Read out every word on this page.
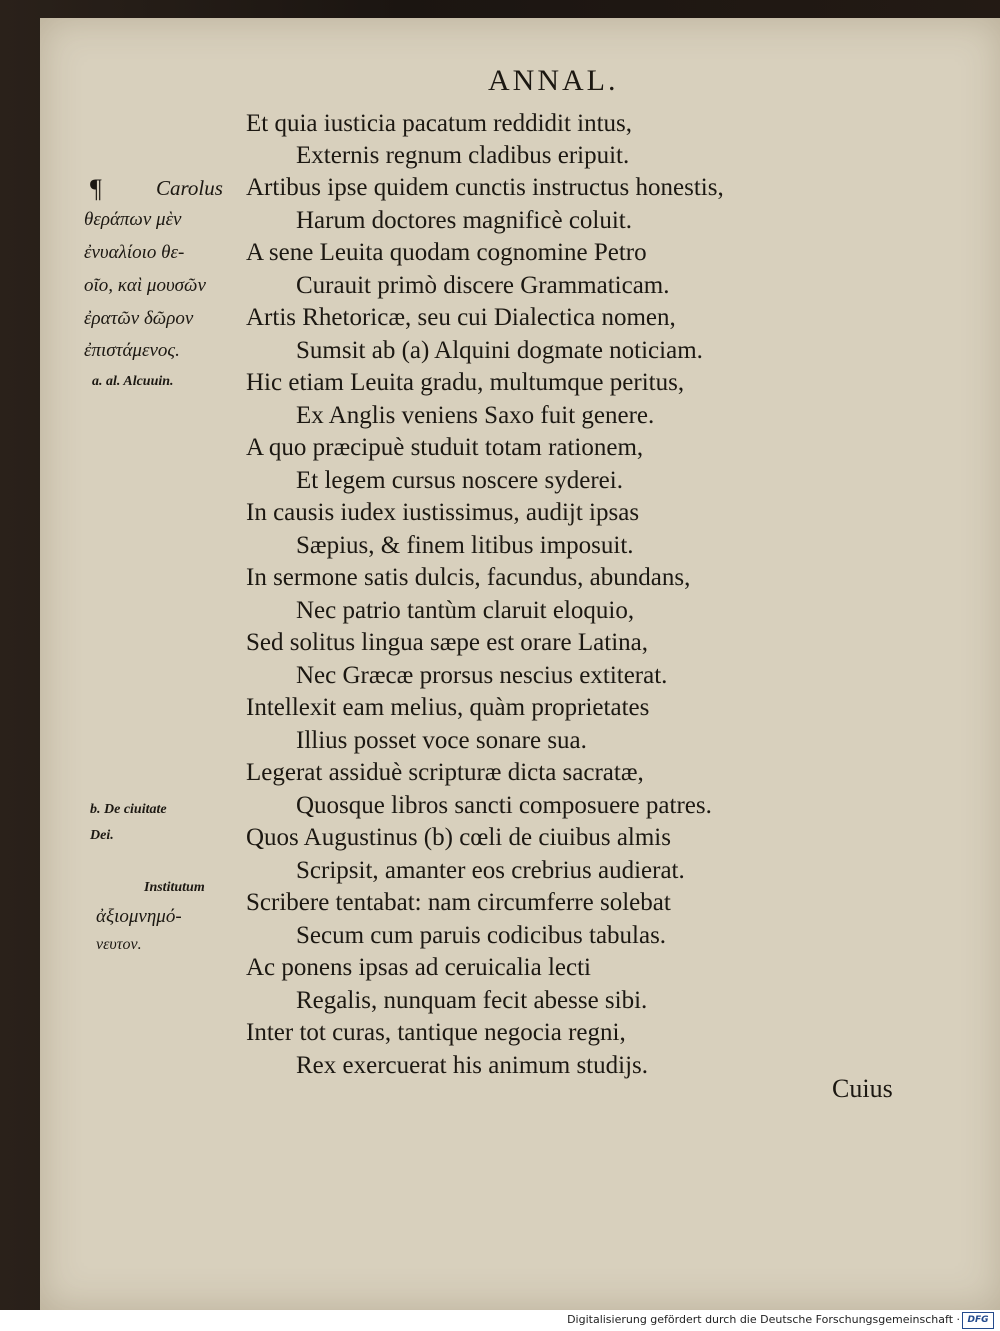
ANNAL.
¶	Carolus
θεράπων μὲν
ἐνυαλίοιο θε-
οῖο, καὶ μουσῶν
ἐρατῶν δῶρον
ἐπιστάμενος.
a. al. Alcuuin.
b. De ciuitate
Dei.
Institutum
ἀξιομνημό-
νευτον.
Et quia iusticia pacatum reddidit intus,
Externis regnum cladibus eripuit.
Artibus ipse quidem cunctis instructus honestis,
Harum doctores magnificè coluit.
A sene Leuita quodam cognomine Petro
Curauit primò discere Grammaticam.
Artis Rhetoricæ, seu cui Dialectica nomen,
Sumsit ab (a) Alquini dogmate noticiam.
Hic etiam Leuita gradu, multumque peritus,
Ex Anglis veniens Saxo fuit genere.
A quo præcipuè studuit totam rationem,
Et legem cursus noscere syderei.
In causis iudex iustissimus, audijt ipsas
Sæpius, & finem litibus imposuit.
In sermone satis dulcis, facundus, abundans,
Nec patrio tantùm claruit eloquio,
Sed solitus lingua sæpe est orare Latina,
Nec Græcæ prorsus nescius extiterat.
Intellexit eam melius, quàm proprietates
Illius posset voce sonare sua.
Legerat assiduè scripturæ dicta sacratæ,
Quosque libros sancti composuere patres.
Quos Augustinus (b) cœli de ciuibus almis
Scripsit, amanter eos crebrius audierat.
Scribere tentabat: nam circumferre solebat
Secum cum paruis codicibus tabulas.
Ac ponens ipsas ad ceruicalia lecti
Regalis, nunquam fecit abesse sibi.
Inter tot curas, tantique negocia regni,
Rex exercuerat his animum studijs.
Cuius
Digitalisierung gefördert durch die Deutsche Forschungsgemeinschaft · DFG
